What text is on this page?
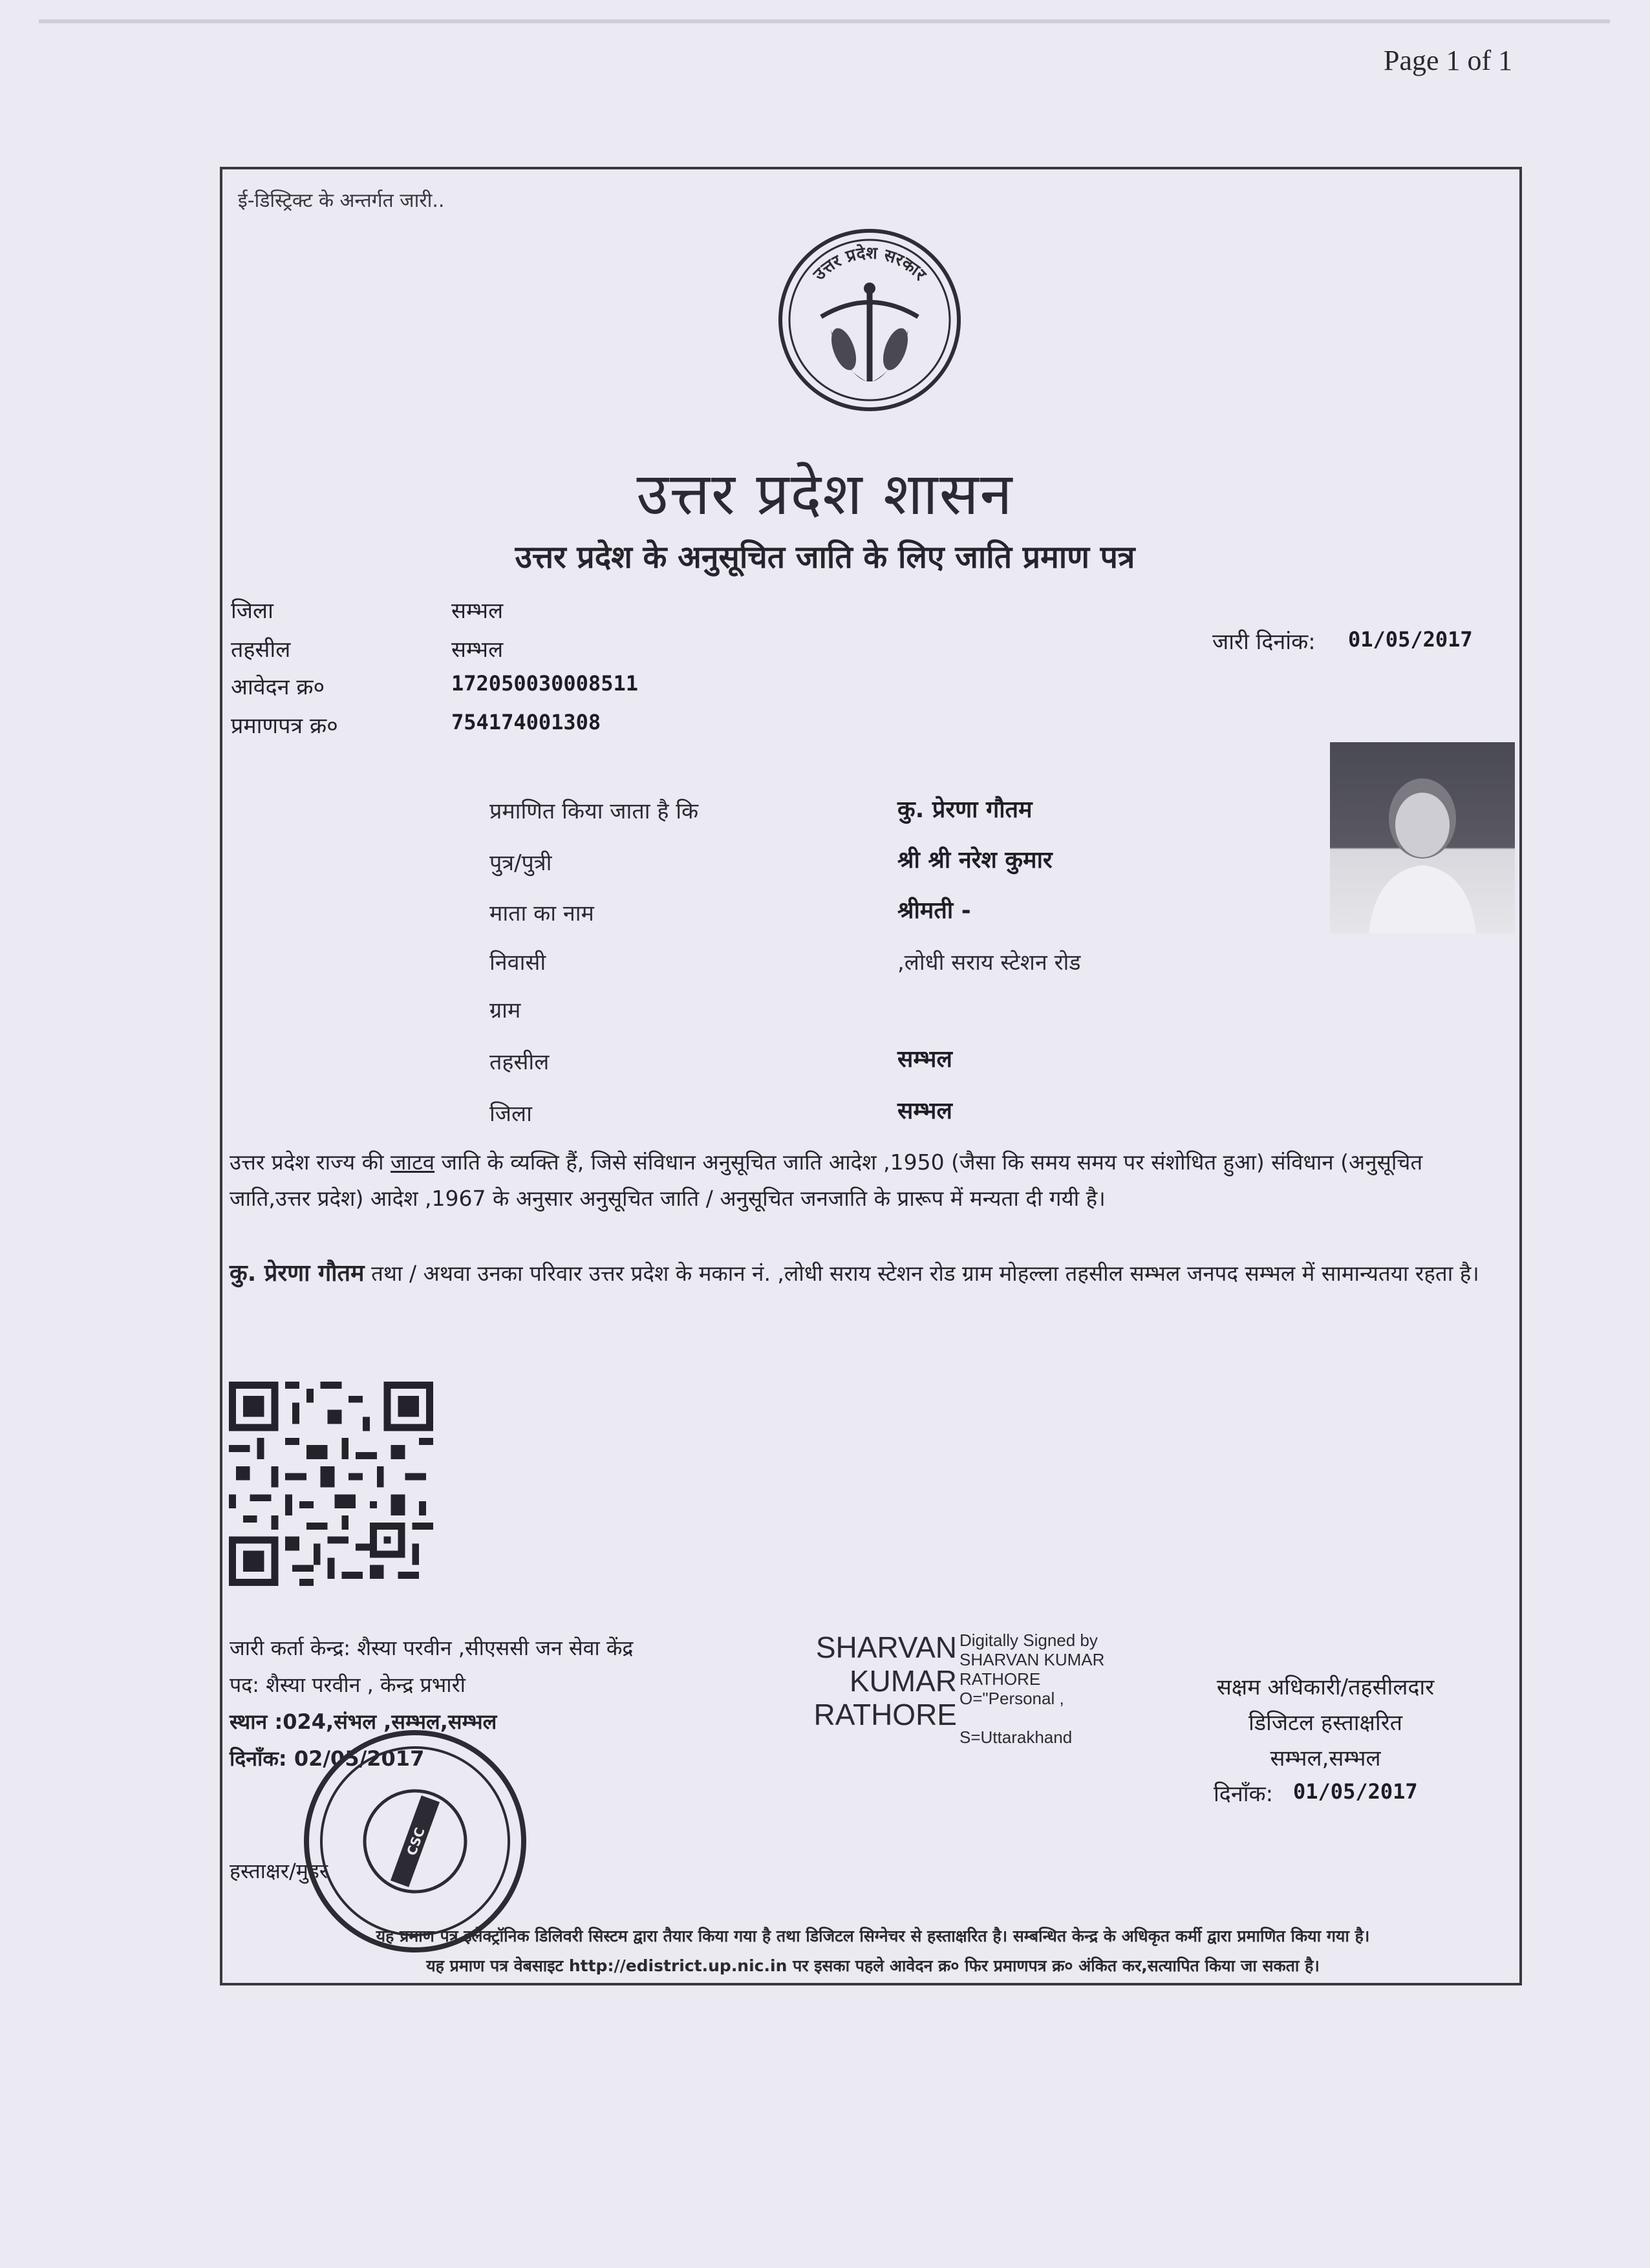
Page 1 of 1
ई-डिस्ट्रिक्ट के अन्तर्गत जारी..
उत्तर प्रदेश सरकार
उत्तर प्रदेश शासन
उत्तर प्रदेश के अनुसूचित जाति के लिए जाति प्रमाण पत्र
जिला	सम्भल
तहसील	सम्भल
आवेदन क्र०	172050030008511
प्रमाणपत्र क्र०	754174001308
जारी दिनांक: 01/05/2017
प्रमाणित किया जाता है कि	कु. प्रेरणा गौतम
पुत्र/पुत्री	श्री श्री नरेश कुमार
माता का नाम	श्रीमती -
निवासी	,लोधी सराय स्टेशन रोड
ग्राम
तहसील	सम्भल
जिला	सम्भल
उत्तर प्रदेश राज्य की जाटव जाति के व्यक्ति हैं, जिसे संविधान अनुसूचित जाति आदेश ,1950 (जैसा कि समय समय पर संशोधित हुआ) संविधान (अनुसूचित जाति,उत्तर प्रदेश) आदेश ,1967 के अनुसार अनुसूचित जाति / अनुसूचित जनजाति के प्रारूप में मन्यता दी गयी है।
कु. प्रेरणा गौतम तथा / अथवा उनका परिवार उत्तर प्रदेश के मकान नं. ,लोधी सराय स्टेशन रोड ग्राम मोहल्ला तहसील सम्भल जनपद सम्भल में सामान्यतया रहता है।
जारी कर्ता केन्द्र: शैस्या परवीन ,सीएससी जन सेवा केंद्र
पद: शैस्या परवीन , केन्द्र प्रभारी
स्थान :024,संभल ,सम्भल,सम्भल
दिनाँक: 02/05/2017
हस्ताक्षर/मुहर
CSC
SHARVAN
KUMAR
RATHORE
Digitally Signed by
SHARVAN KUMAR
RATHORE
O="Personal ,
S=Uttarakhand
सक्षम अधिकारी/तहसीलदार
डिजिटल हस्ताक्षरित
सम्भल,सम्भल
दिनाँक: 01/05/2017
यह प्रमाण पत्र इलेक्ट्रॉनिक डिलिवरी सिस्टम द्वारा तैयार किया गया है तथा डिजिटल सिग्नेचर से हस्ताक्षरित है। सम्बन्धित केन्द्र के अधिकृत कर्मी द्वारा प्रमाणित किया गया है।
यह प्रमाण पत्र वेबसाइट http://edistrict.up.nic.in पर इसका पहले आवेदन क्र० फिर प्रमाणपत्र क्र० अंकित कर,सत्यापित किया जा सकता है।
